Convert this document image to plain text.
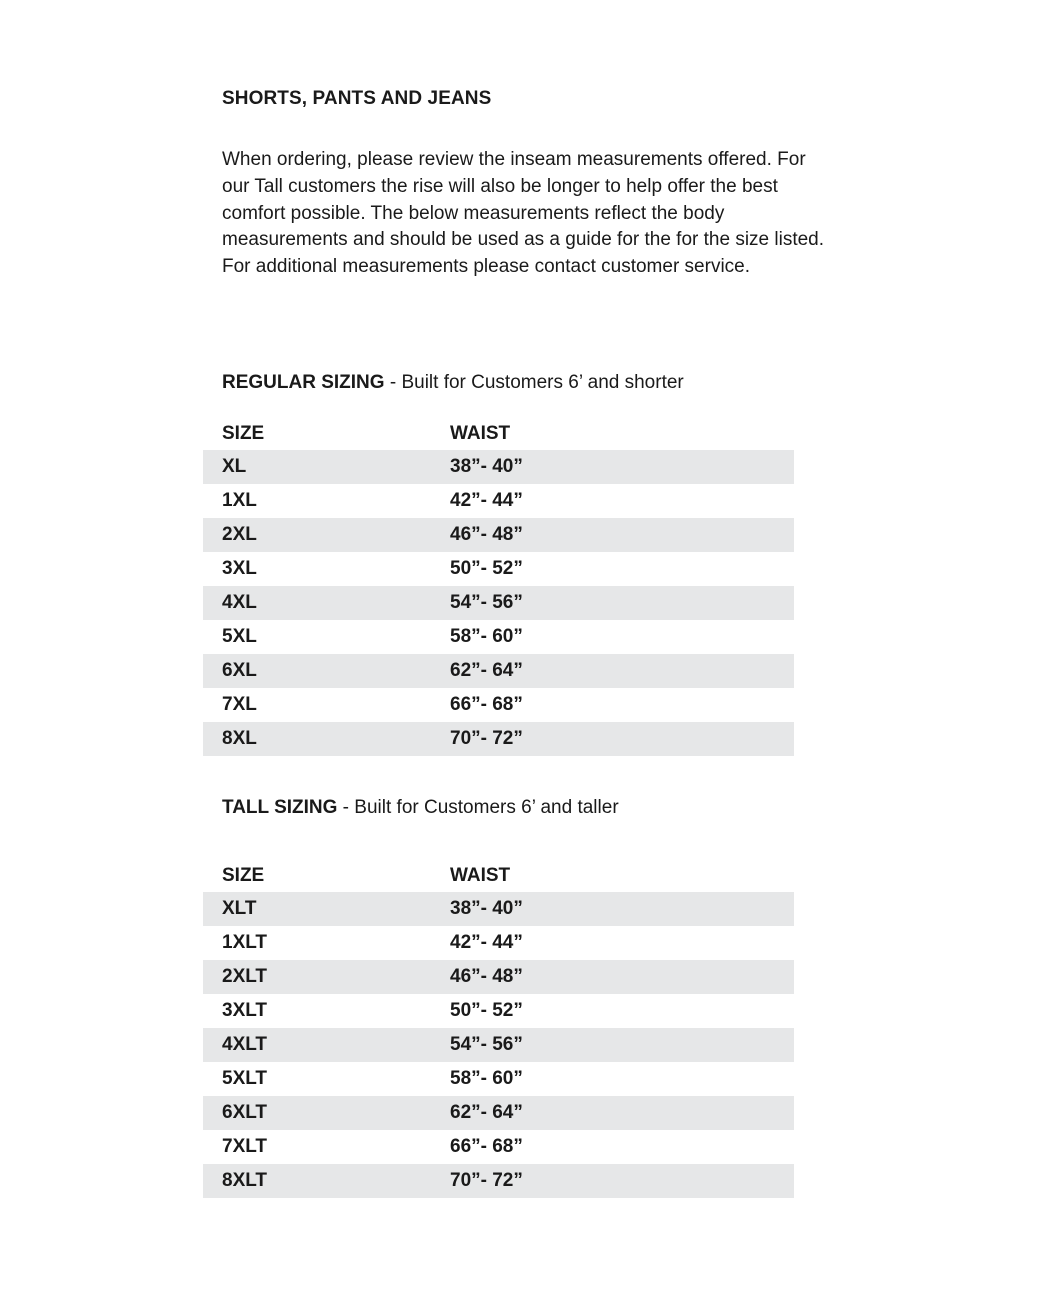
SHORTS, PANTS AND JEANS

When ordering, please review the inseam measurements offered. For our Tall customers the rise will also be longer to help offer the best comfort possible. The below measurements reflect the body measurements and should be used as a guide for the for the size listed. For additional measurements please contact customer service.

REGULAR SIZING - Built for Customers 6’ and shorter
SIZE	WAIST
XL	38”- 40”
1XL	42”- 44”
2XL	46”- 48”
3XL	50”- 52”
4XL	54”- 56”
5XL	58”- 60”
6XL	62”- 64”
7XL	66”- 68”
8XL	70”- 72”
TALL SIZING - Built for Customers 6’ and taller
SIZE	WAIST
XLT	38”- 40”
1XLT	42”- 44”
2XLT	46”- 48”
3XLT	50”- 52”
4XLT	54”- 56”
5XLT	58”- 60”
6XLT	62”- 64”
7XLT	66”- 68”
8XLT	70”- 72”
